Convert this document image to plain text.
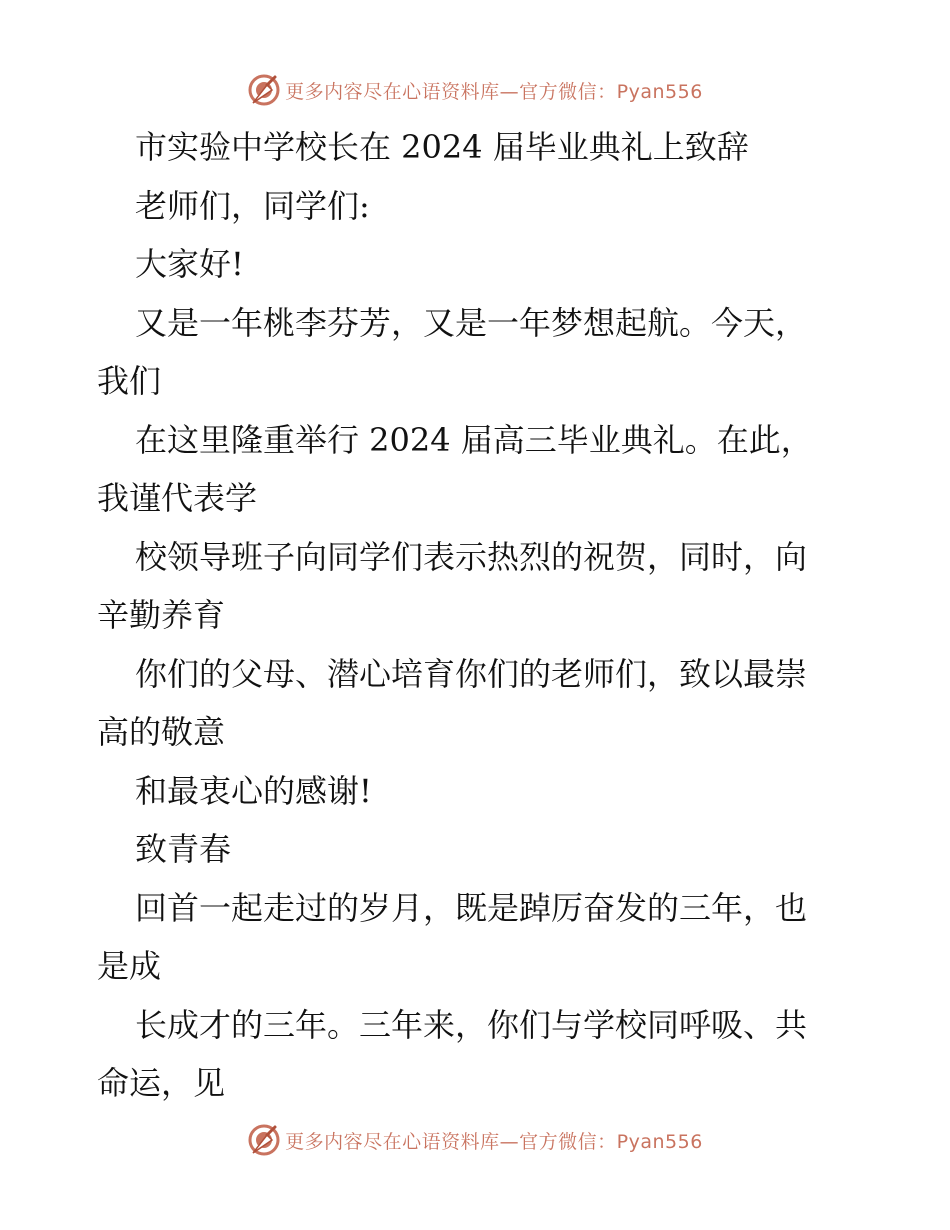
更多内容尽在心语资料库—官方微信：Pyan556
市实验中学校长在 2024 届毕业典礼上致辞
老师们，同学们:
大家好!
又是一年桃李芬芳，又是一年梦想起航。今天，
我们
在这里隆重举行 2024 届高三毕业典礼。在此，
我谨代表学
校领导班子向同学们表示热烈的祝贺，同时，向
辛勤养育
你们的父母、潜心培育你们的老师们，致以最崇
高的敬意
和最衷心的感谢!
致青春
回首一起走过的岁月，既是踔厉奋发的三年，也
是成
长成才的三年。三年来，你们与学校同呼吸、共
命运，见
更多内容尽在心语资料库—官方微信：Pyan556
